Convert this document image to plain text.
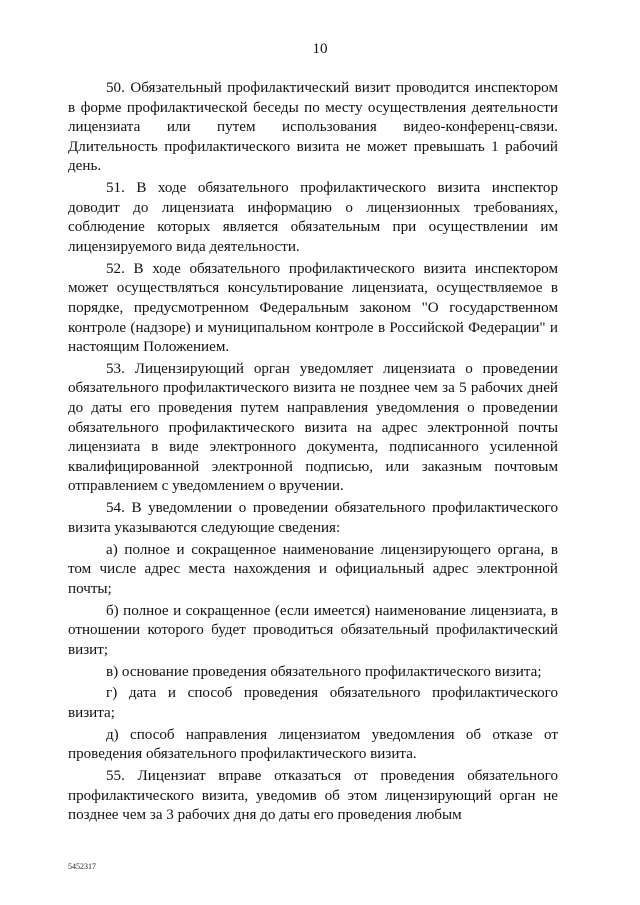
10

50. Обязательный профилактический визит проводится инспектором в форме профилактической беседы по месту осуществления деятельности лицензиата или путем использования видео-конференц-связи. Длительность профилактического визита не может превышать 1 рабочий день.

51. В ходе обязательного профилактического визита инспектор доводит до лицензиата информацию о лицензионных требованиях, соблюдение которых является обязательным при осуществлении им лицензируемого вида деятельности.

52. В ходе обязательного профилактического визита инспектором может осуществляться консультирование лицензиата, осуществляемое в порядке, предусмотренном Федеральным законом "О государственном контроле (надзоре) и муниципальном контроле в Российской Федерации" и настоящим Положением.

53. Лицензирующий орган уведомляет лицензиата о проведении обязательного профилактического визита не позднее чем за 5 рабочих дней до даты его проведения путем направления уведомления о проведении обязательного профилактического визита на адрес электронной почты лицензиата в виде электронного документа, подписанного усиленной квалифицированной электронной подписью, или заказным почтовым отправлением с уведомлением о вручении.

54. В уведомлении о проведении обязательного профилактического визита указываются следующие сведения:

а) полное и сокращенное наименование лицензирующего органа, в том числе адрес места нахождения и официальный адрес электронной почты;

б) полное и сокращенное (если имеется) наименование лицензиата, в отношении которого будет проводиться обязательный профилактический визит;

в) основание проведения обязательного профилактического визита;

г) дата и способ проведения обязательного профилактического визита;

д) способ направления лицензиатом уведомления об отказе от проведения обязательного профилактического визита.

55. Лицензиат вправе отказаться от проведения обязательного профилактического визита, уведомив об этом лицензирующий орган не позднее чем за 3 рабочих дня до даты его проведения любым

5452317
